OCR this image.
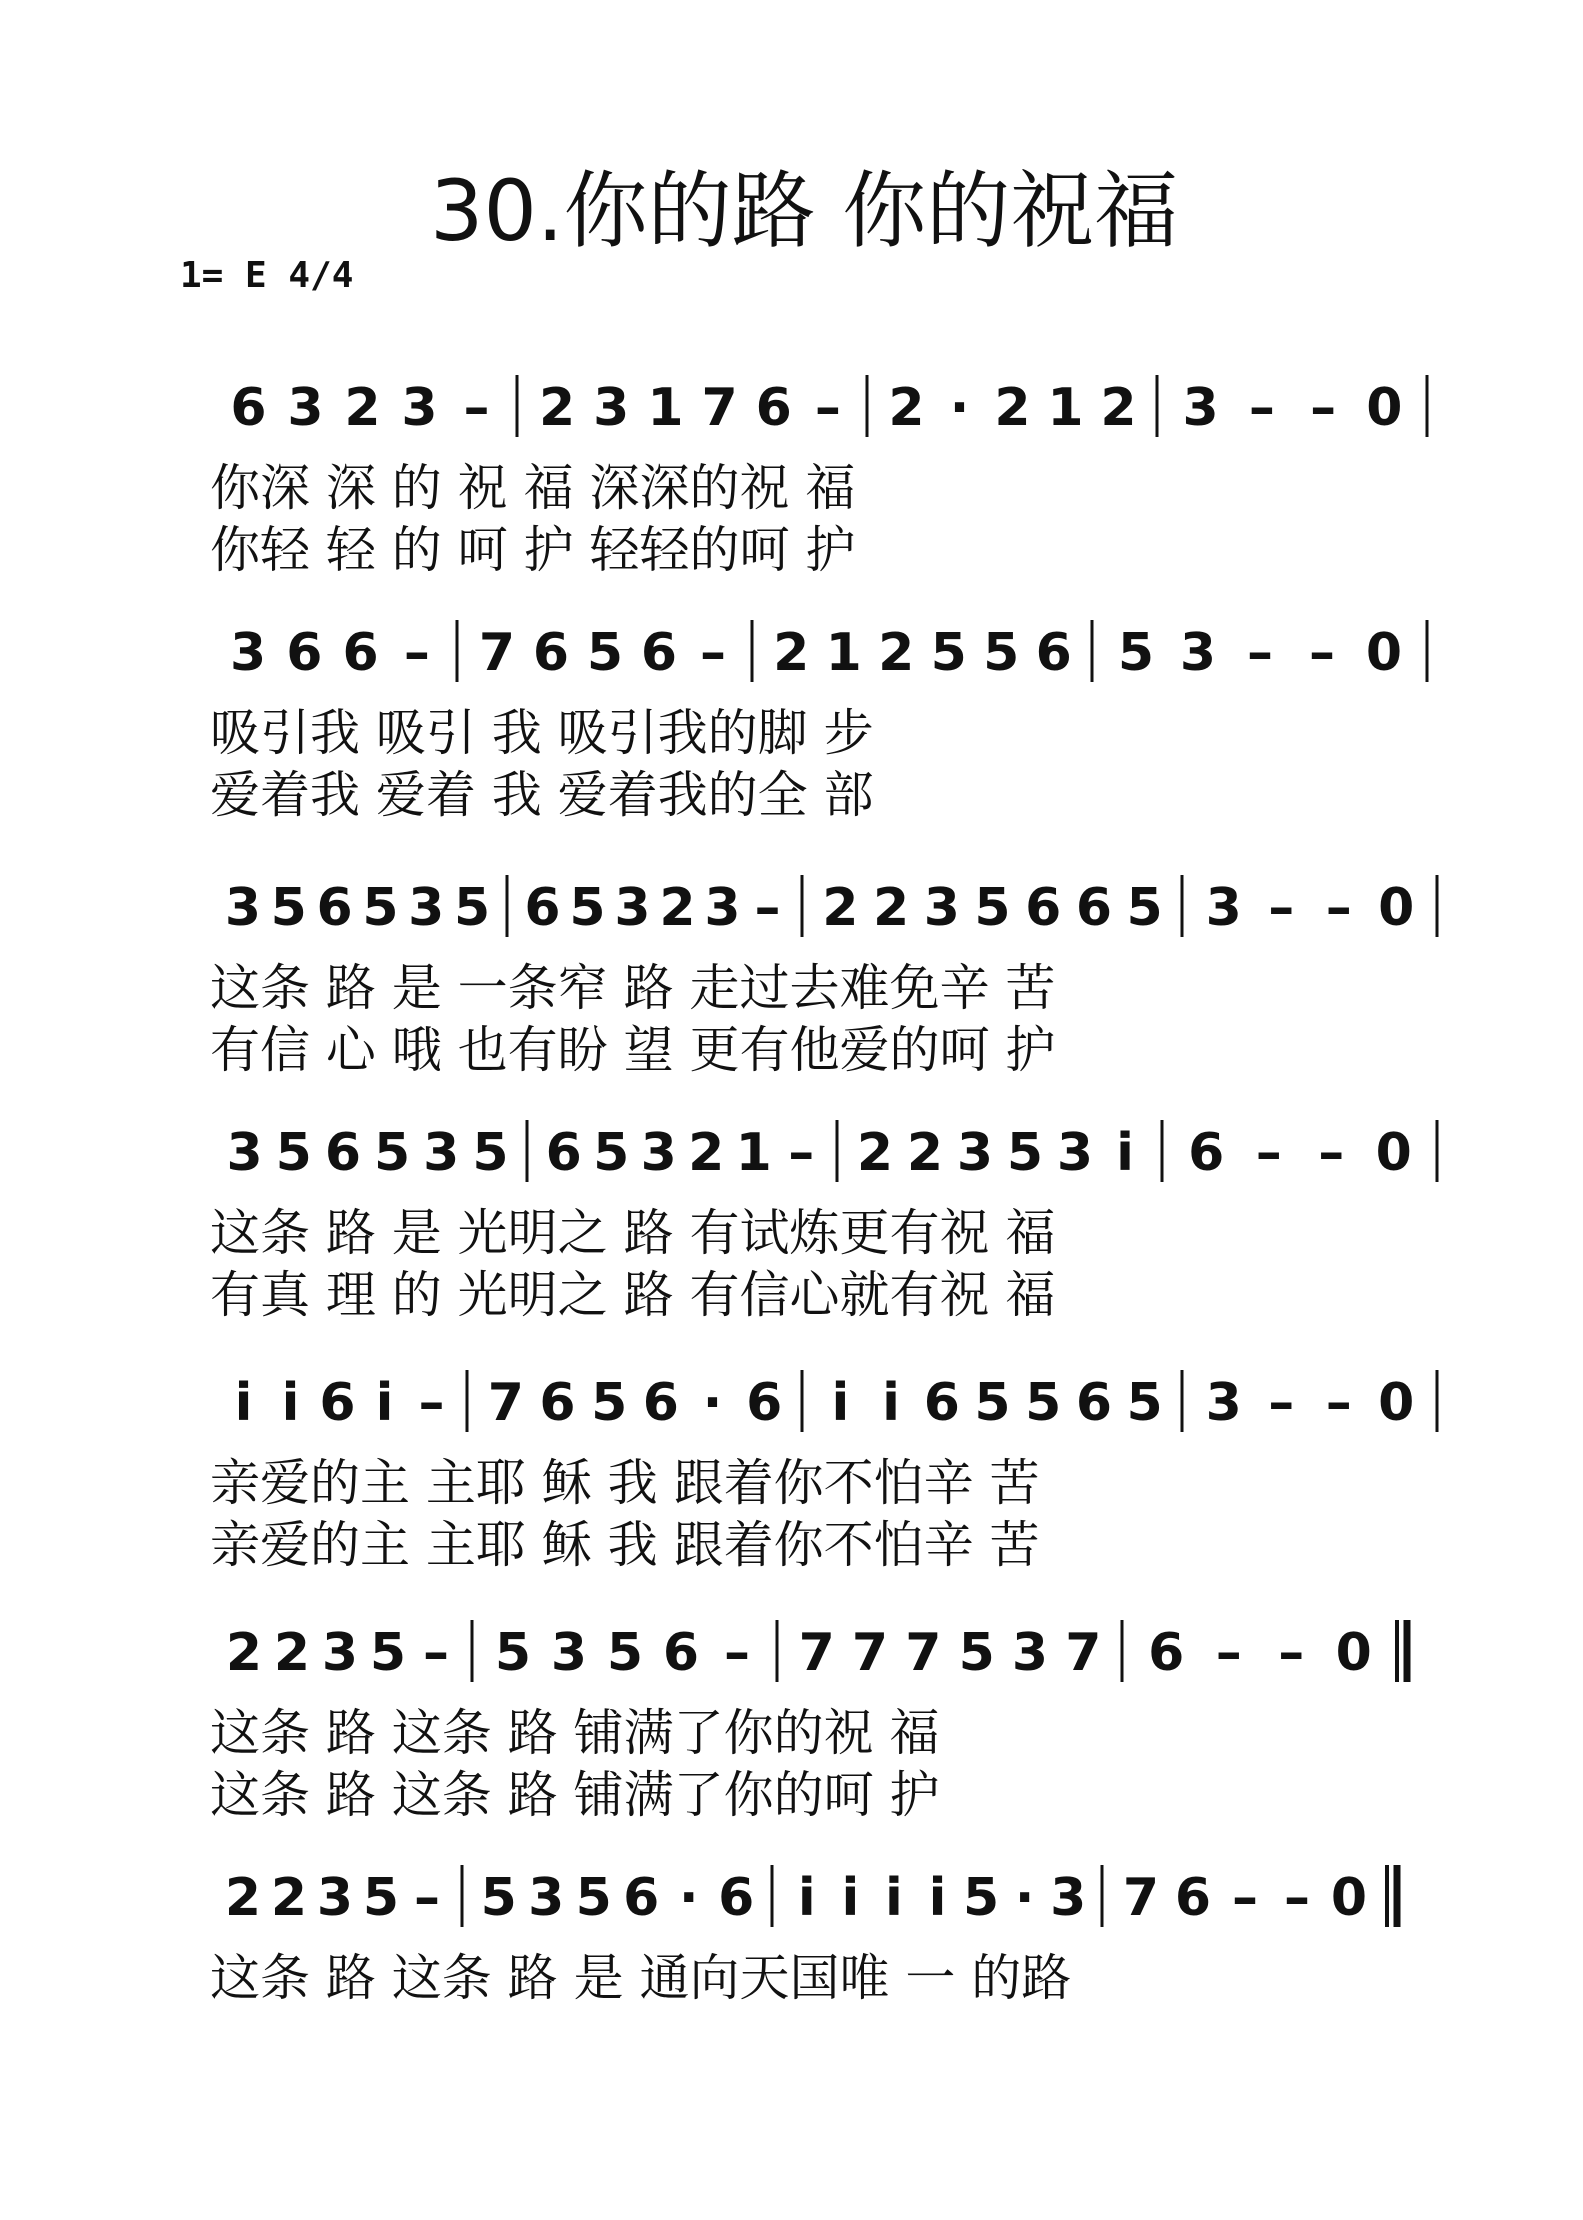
30.你的路 你的祝福
1= E 4/4
6 3 2 3 – 2 3 1 7 6 – 2 · 2 1 2 3 – – 0
你深 深 的 祝 福 深深的祝 福
你轻 轻 的 呵 护 轻轻的呵 护
3 6 6 – 7 6 5 6 – 2 1 2 5 5 6 5 3 – – 0
吸引我 吸引 我 吸引我的脚 步
爱着我 爱着 我 爱着我的全 部
3 5 6 5 3 5 6 5 3 2 3 – 2 2 3 5 6 6 5 3 – – 0
这条 路 是 一条窄 路 走过去难免辛 苦
有信 心 哦 也有盼 望 更有他爱的呵 护
3 5 6 5 3 5 6 5 3 2 1 – 2 2 3 5 3 i 6 – – 0
这条 路 是 光明之 路 有试炼更有祝 福
有真 理 的 光明之 路 有信心就有祝 福
i i 6 i – 7 6 5 6 · 6 i i 6 5 5 6 5 3 – – 0
亲爱的主 主耶 稣 我 跟着你不怕辛 苦
亲爱的主 主耶 稣 我 跟着你不怕辛 苦
2 2 3 5 – 5 3 5 6 – 7 7 7 5 3 7 6 – – 0
这条 路 这条 路 铺满了你的祝 福
这条 路 这条 路 铺满了你的呵 护
2 2 3 5 – 5 3 5 6 · 6 i i i i 5 · 3 7 6 – – 0
这条 路 这条 路 是 通向天国唯 一 的路
